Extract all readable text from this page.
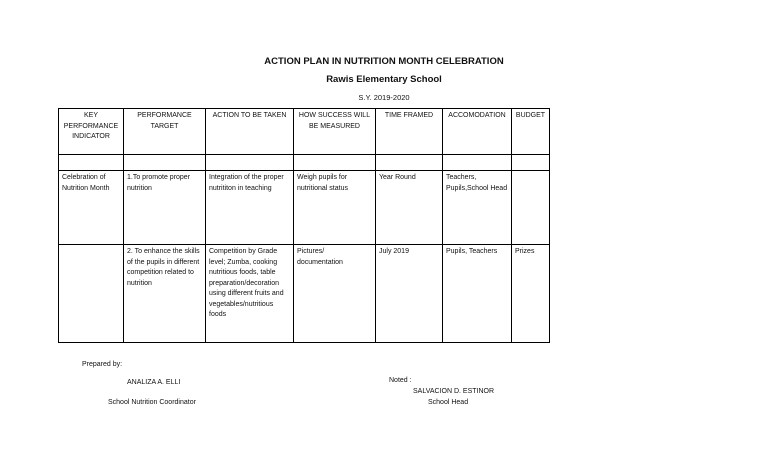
ACTION PLAN IN NUTRITION MONTH CELEBRATION
Rawis Elementary School
S.Y. 2019-2020
KEY PERFORMANCE INDICATOR	PERFORMANCE TARGET	ACTION TO BE TAKEN	HOW SUCCESS WILL BE MEASURED	TIME FRAMED	ACCOMODATION	BUDGET

Celebration of Nutrition Month	1.To promote proper nutrition	Integration of the proper nutrititon in teaching	Weigh pupils for nutritional status	Year Round	Teachers, Pupils,School Head	
	2. To enhance the skills of the pupils in different competition related to nutrition	Competition by Grade level; Zumba, cooking nutritious foods, table preparation/decoration using different fruits and vegetables/nutritious foods	Pictures/ documentation	July 2019	Pupils, Teachers	Prizes
Prepared by:
ANALIZA A. ELLI
School Nutrition Coordinator
Noted :
SALVACION D. ESTINOR
School Head
